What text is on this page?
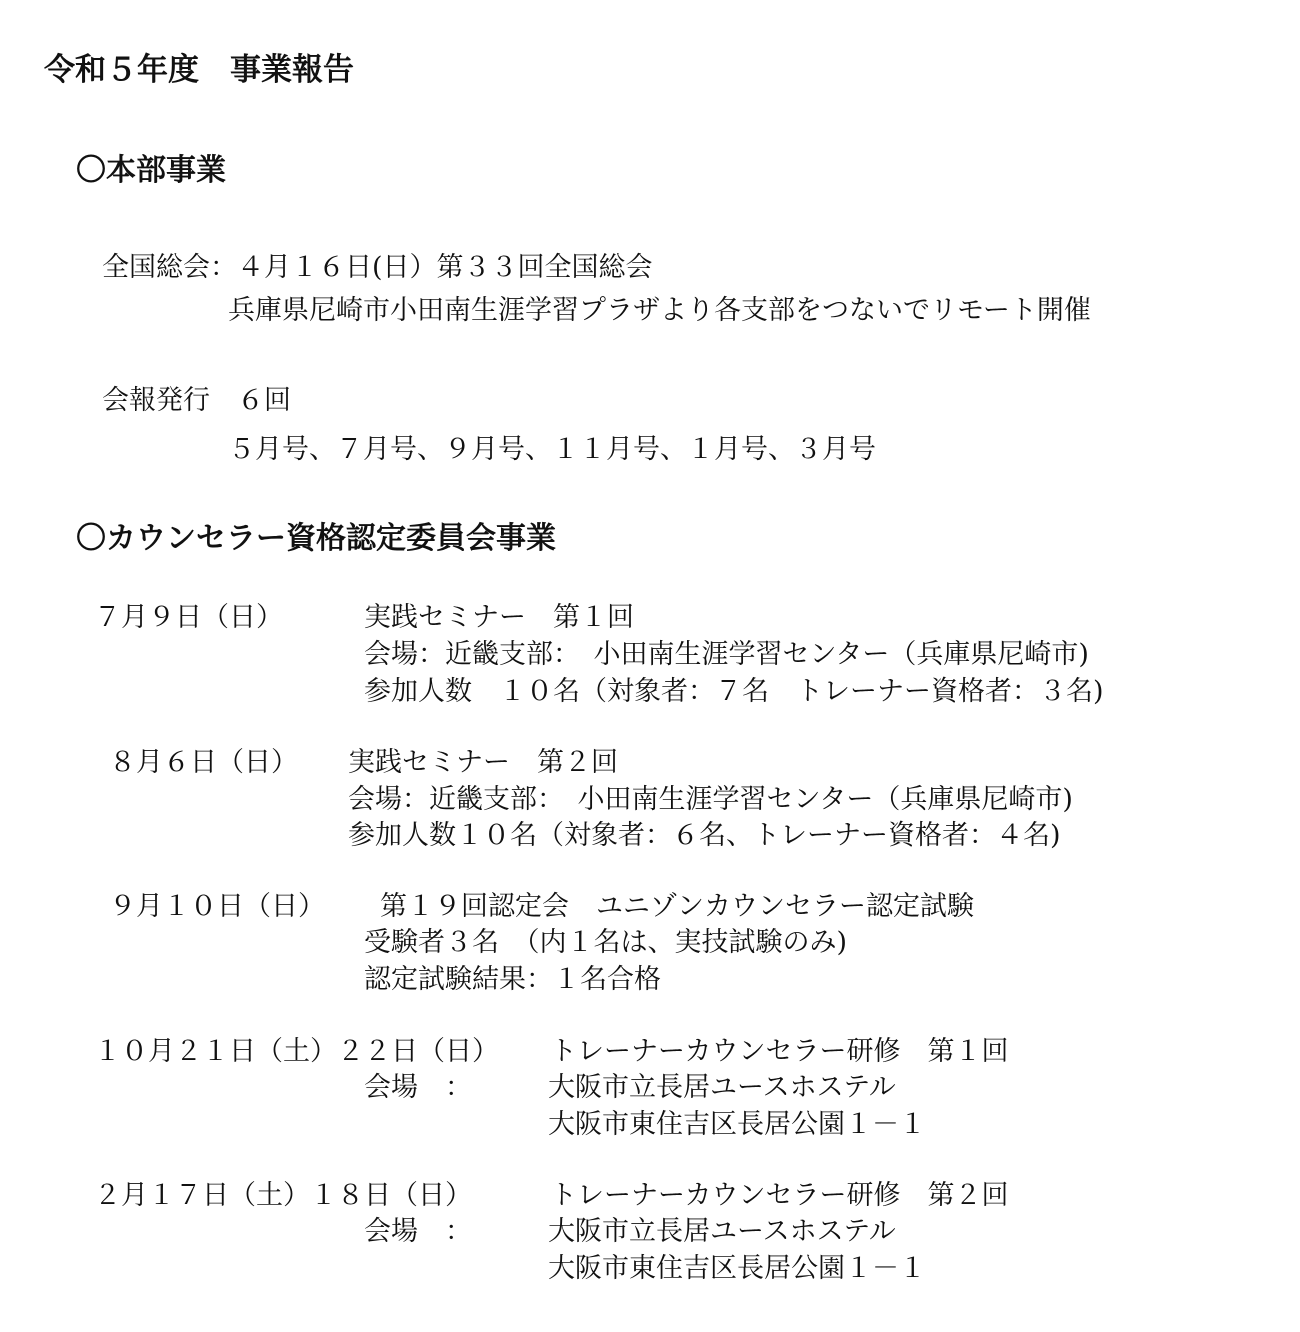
令和５年度　事業報告
〇本部事業
全国総会：４月１６日(日）第３３回全国総会
兵庫県尼崎市小田南生涯学習プラザより各支部をつないでリモート開催
会報発行　６回
５月号、７月号、９月号、１１月号、１月号、３月号
〇カウンセラー資格認定委員会事業
７月９日（日）	実践セミナー　第１回
会場：近畿支部：　小田南生涯学習センター（兵庫県尼崎市)
参加人数　１０名（対象者：７名　トレーナー資格者：３名)
８月６日（日） 実践セミナー　第２回
会場：近畿支部：　小田南生涯学習センター（兵庫県尼崎市)
参加人数１０名（対象者：６名、トレーナー資格者：４名)
９月１０日（日） 第１９回認定会　ユニゾンカウンセラー認定試験
受験者３名　（内１名は、実技試験のみ)
認定試験結果：１名合格
１０月２１日（土）２２日（日） トレーナーカウンセラー研修　第１回
会場　：	大阪市立長居ユースホステル
大阪市東住吉区長居公園１－１
２月１７日（土）１８日（日）	トレーナーカウンセラー研修　第２回
会場　：	大阪市立長居ユースホステル
大阪市東住吉区長居公園１－１
